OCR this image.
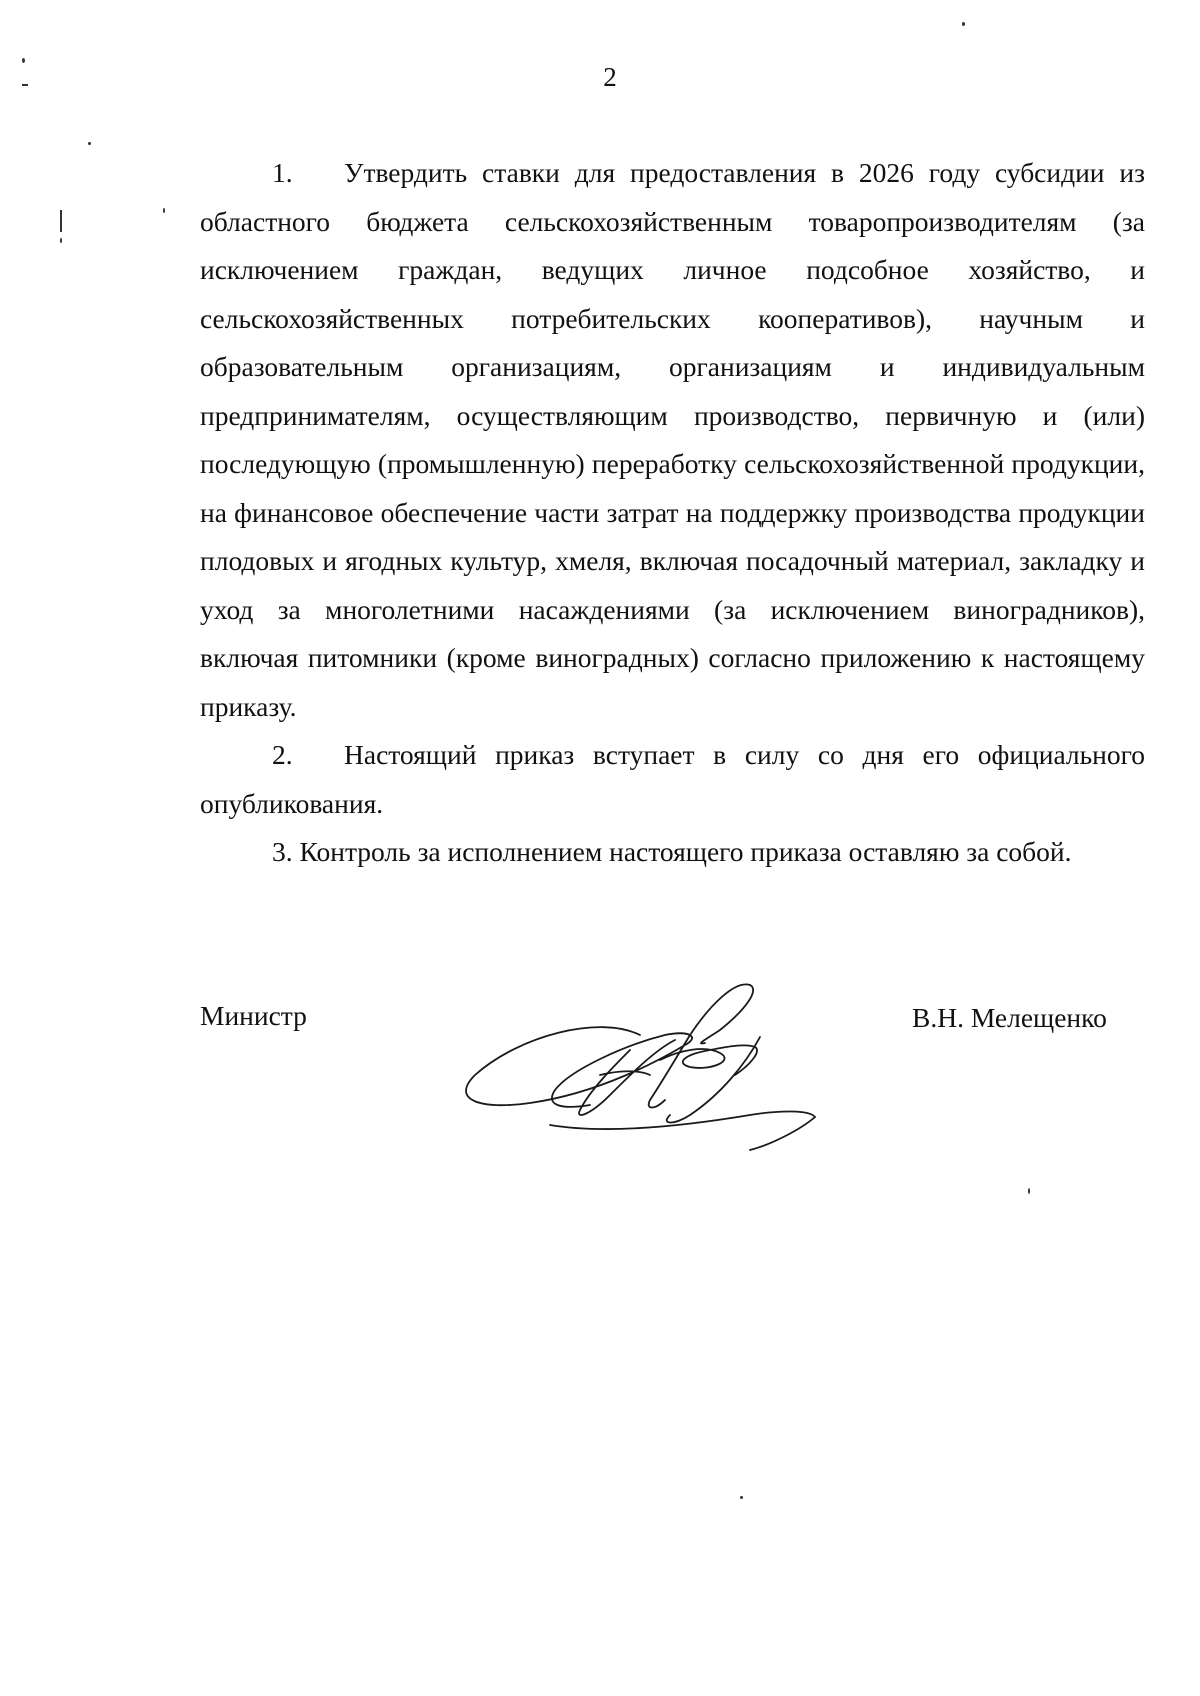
2

1. Утвердить ставки для предоставления в 2026 году субсидии из областного бюджета сельскохозяйственным товаропроизводителям (за исключением граждан, ведущих личное подсобное хозяйство, и сельскохозяйственных потребительских кооперативов), научным и образовательным организациям, организациям и индивидуальным предпринимателям, осуществляющим производство, первичную и (или) последующую (промышленную) переработку сельскохозяйственной продукции, на финансовое обеспечение части затрат на поддержку производства продукции плодовых и ягодных культур, хмеля, включая посадочный материал, закладку и уход за многолетними насаждениями (за исключением виноградников), включая питомники (кроме виноградных) согласно приложению к настоящему приказу.

2. Настоящий приказ вступает в силу со дня его официального опубликования.

3. Контроль за исполнением настоящего приказа оставляю за собой.

Министр	В.Н. Мелещенко
